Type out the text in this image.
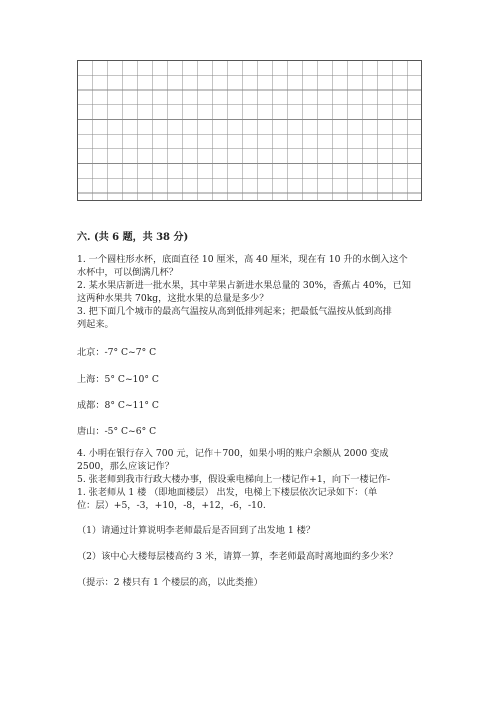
六. (共 6 题，共 38 分)
1. 一个圆柱形水杯，底面直径 10 厘米，高 40 厘米，现在有 10 升的水倒入这个
水杯中，可以倒满几杯？
2. 某水果店新进一批水果，其中苹果占新进水果总量的 30%，香蕉占 40%，已知
这两种水果共 70kg，这批水果的总量是多少？
3. 把下面几个城市的最高气温按从高到低排列起来；把最低气温按从低到高排
列起来。
北京：-7° C~7° C
上海：5° C~10° C
成都：8° C~11° C
唐山：-5° C~6° C
4. 小明在银行存入 700 元，记作＋700，如果小明的账户余额从 2000 变成
2500，那么应该记作？
5. 张老师到我市行政大楼办事，假设乘电梯向上一楼记作+1，向下一楼记作-
1. 张老师从 1 楼 （即地面楼层） 出发，电梯上下楼层依次记录如下：（单
位：层）+5，-3，+10，-8，+12，-6，-10.
（1）请通过计算说明李老师最后是否回到了出发地 1 楼？
（2）该中心大楼每层楼高约 3 米，请算一算，李老师最高时离地面约多少米？
（提示：2 楼只有 1 个楼层的高，以此类推）
